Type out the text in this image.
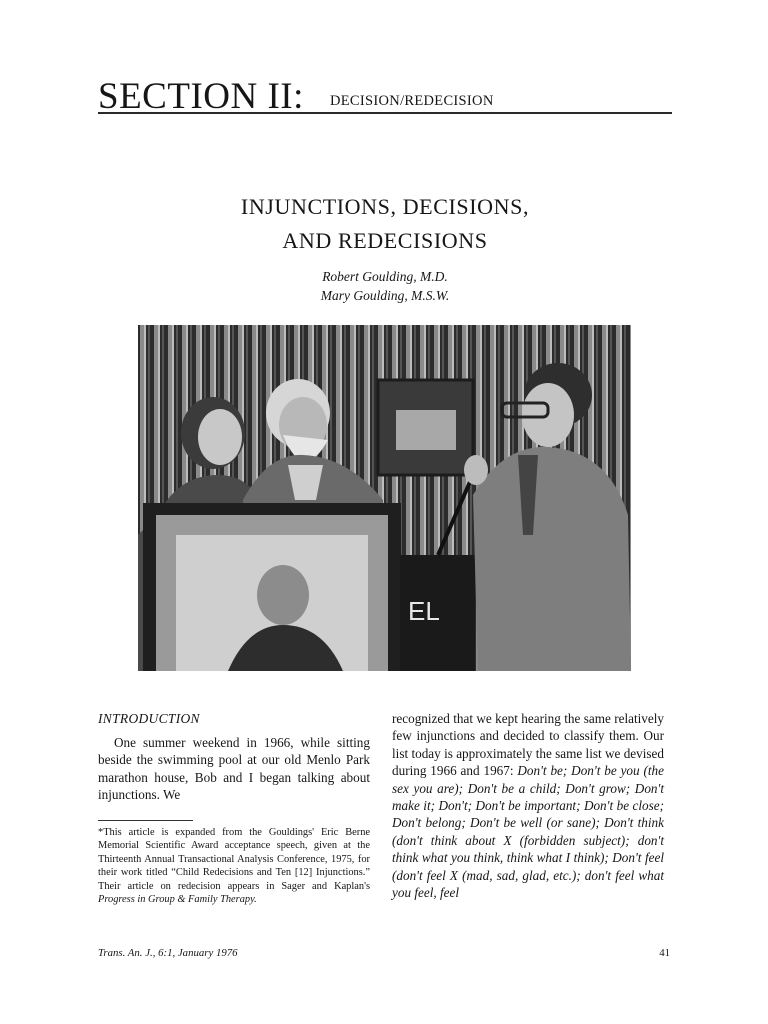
SECTION II: DECISION/REDECISION
INJUNCTIONS, DECISIONS,
AND REDECISIONS
Robert Goulding, M.D.
Mary Goulding, M.S.W.
EL
INTRODUCTION

One summer weekend in 1966, while sitting beside the swimming pool at our old Menlo Park marathon house, Bob and I began talking about injunctions. We

*This article is expanded from the Gouldings' Eric Berne Memorial Scientific Award acceptance speech, given at the Thirteenth Annual Transactional Analysis Conference, 1975, for their work titled “Child Redecisions and Ten [12] Injunctions.” Their article on redecision appears in Sager and Kaplan's Progress in Group & Family Therapy.

recognized that we kept hearing the same relatively few injunctions and decided to classify them. Our list today is approximately the same list we devised during 1966 and 1967: Don't be; Don't be you (the sex you are); Don't be a child; Don't grow; Don't make it; Don't; Don't be important; Don't be close; Don't belong; Don't be well (or sane); Don't think (don't think about X (forbidden subject); don't think what you think, think what I think); Don't feel (don't feel X (mad, sad, glad, etc.); don't feel what you feel, feel

Trans. An. J., 6:1, January 1976	41
